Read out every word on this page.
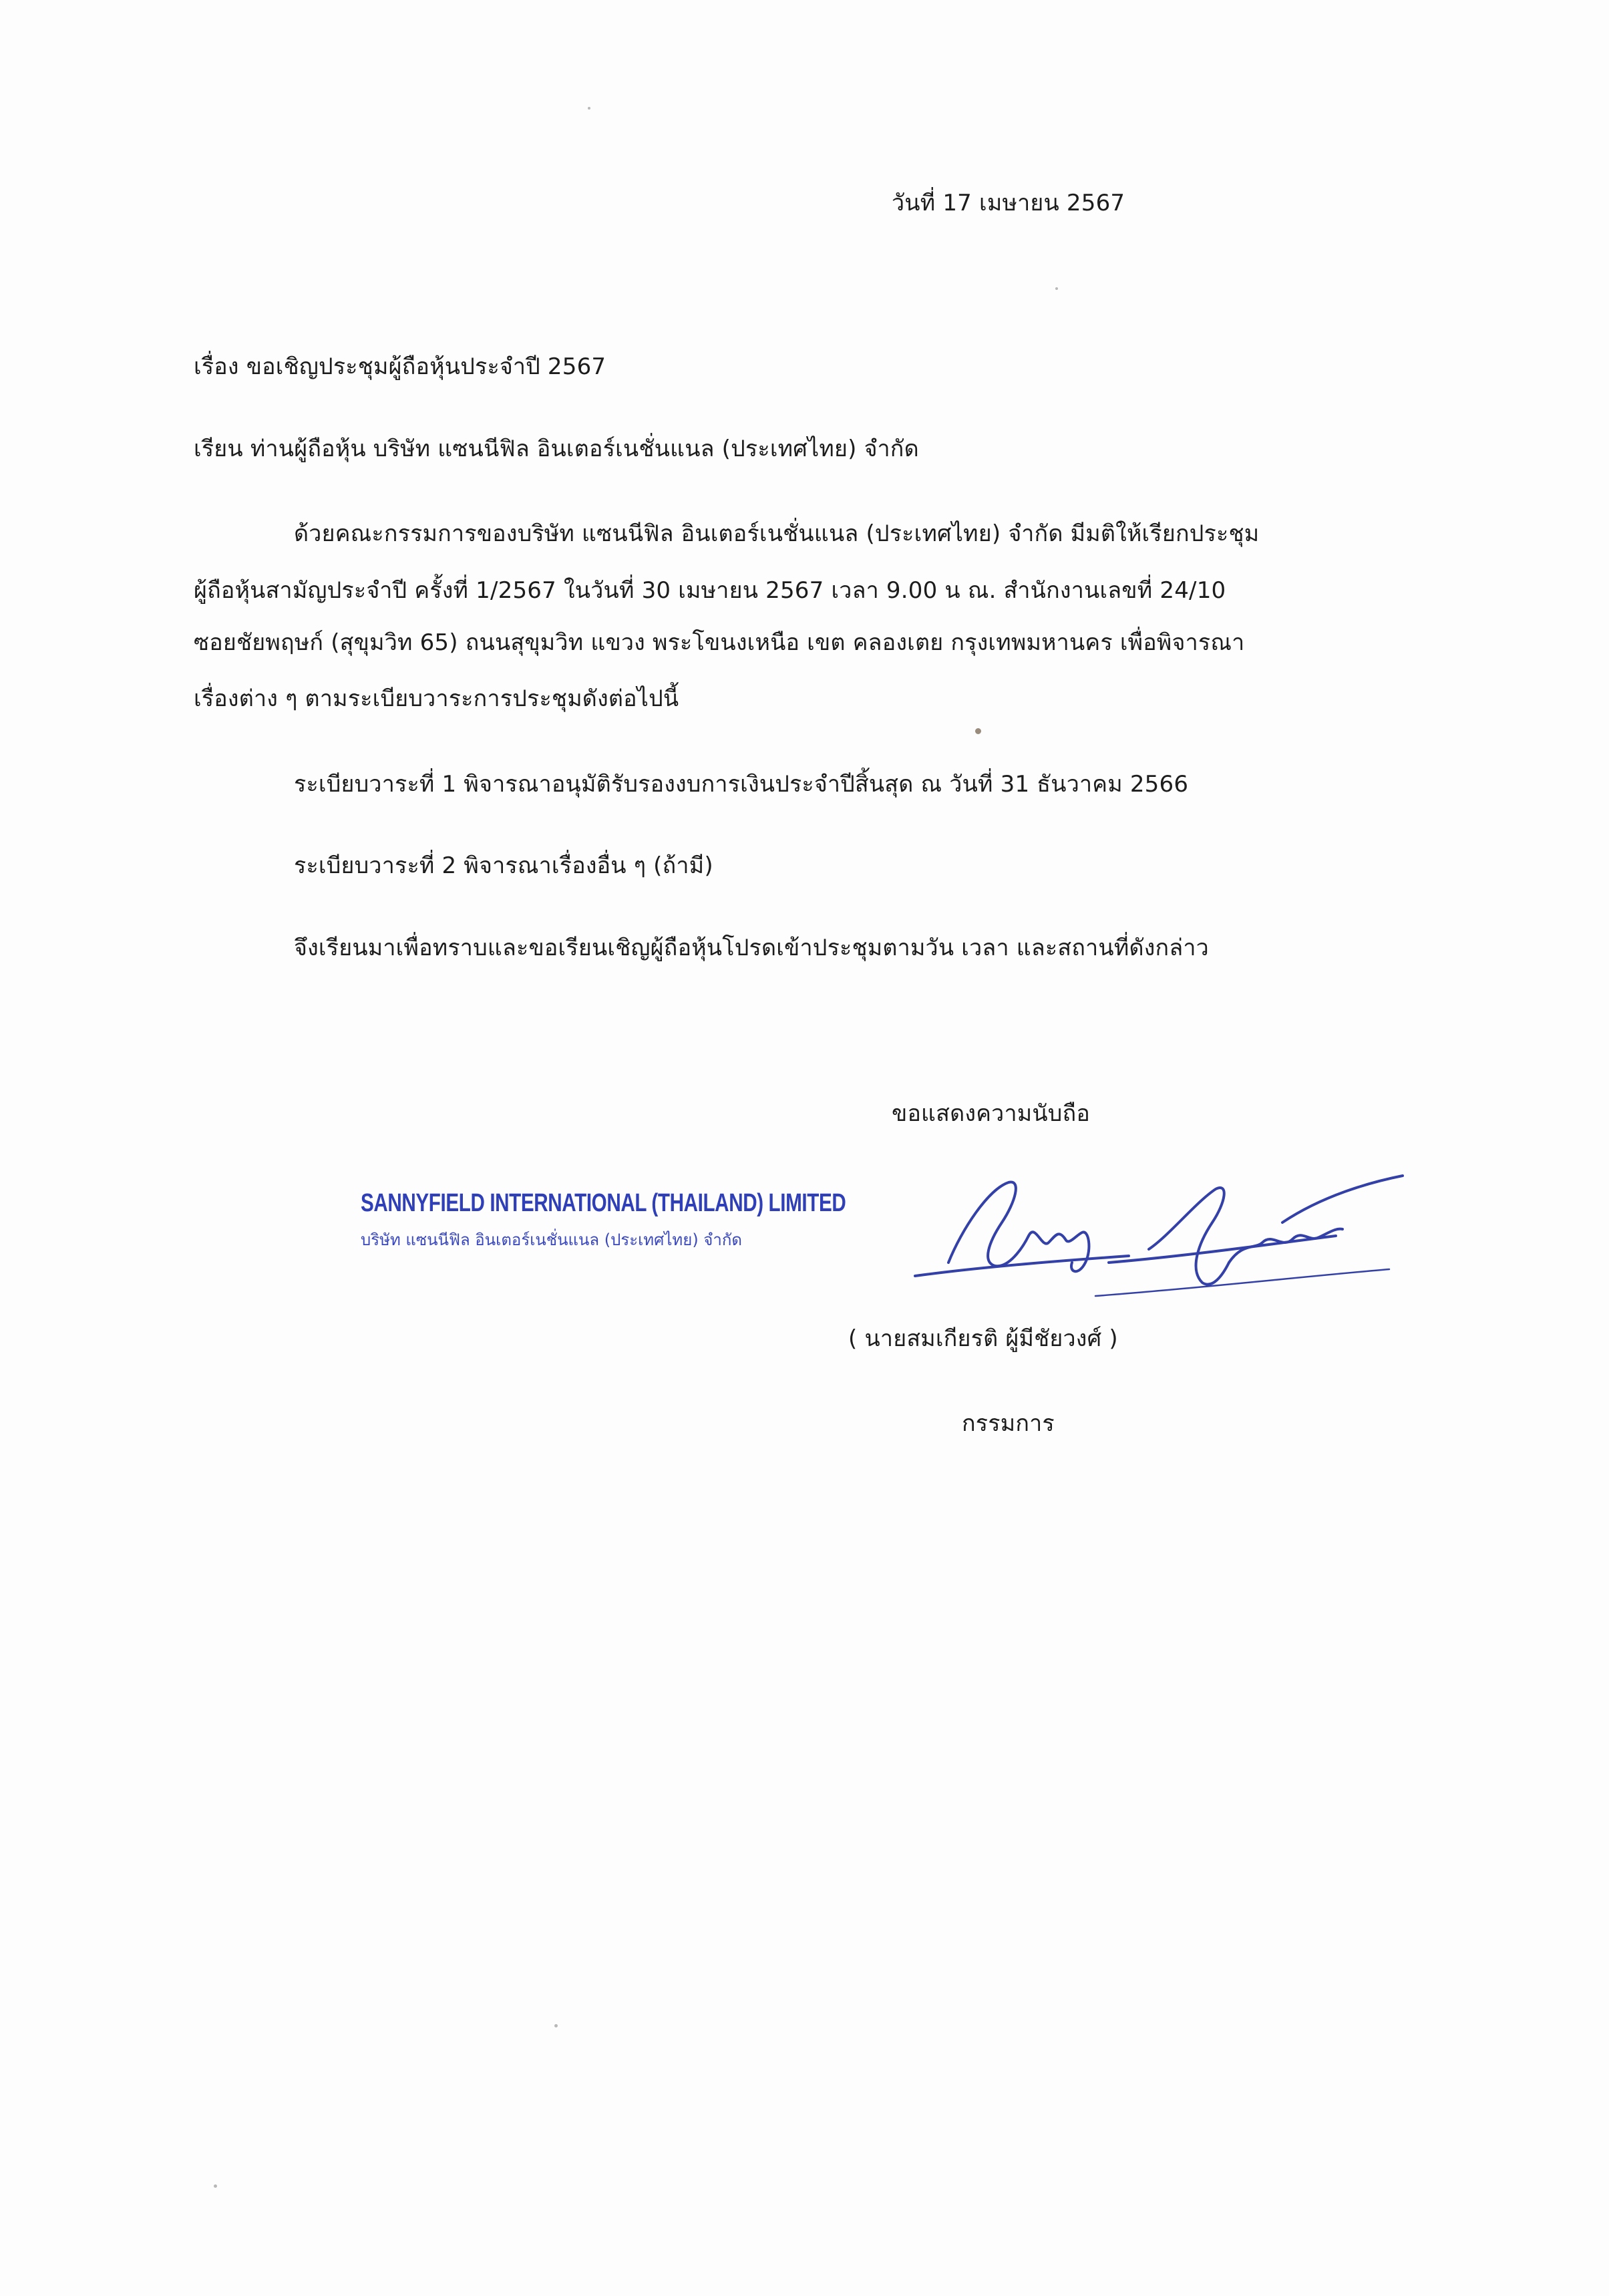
วันที่ 17 เมษายน 2567
เรื่อง ขอเชิญประชุมผู้ถือหุ้นประจำปี 2567
เรียน ท่านผู้ถือหุ้น บริษัท แซนนีฟิล อินเตอร์เนชั่นแนล (ประเทศไทย) จำกัด
ด้วยคณะกรรมการของบริษัท แซนนีฟิล อินเตอร์เนชั่นแนล (ประเทศไทย) จำกัด มีมติให้เรียกประชุม
ผู้ถือหุ้นสามัญประจำปี ครั้งที่ 1/2567 ในวันที่ 30 เมษายน 2567 เวลา 9.00 น ณ. สำนักงานเลขที่ 24/10
ซอยชัยพฤษก์ (สุขุมวิท 65) ถนนสุขุมวิท แขวง พระโขนงเหนือ เขต คลองเตย กรุงเทพมหานคร เพื่อพิจารณา
เรื่องต่าง ๆ ตามระเบียบวาระการประชุมดังต่อไปนี้
ระเบียบวาระที่ 1 พิจารณาอนุมัติรับรองงบการเงินประจำปีสิ้นสุด ณ วันที่ 31 ธันวาคม 2566
ระเบียบวาระที่ 2 พิจารณาเรื่องอื่น ๆ (ถ้ามี)
จึงเรียนมาเพื่อทราบและขอเรียนเชิญผู้ถือหุ้นโปรดเข้าประชุมตามวัน เวลา และสถานที่ดังกล่าว
ขอแสดงความนับถือ
SANNYFIELD INTERNATIONAL (THAILAND) LIMITED
บริษัท แซนนีฟิล อินเตอร์เนชั่นแนล (ประเทศไทย) จำกัด
( นายสมเกียรติ ผู้มีชัยวงศ์ )
กรรมการ
